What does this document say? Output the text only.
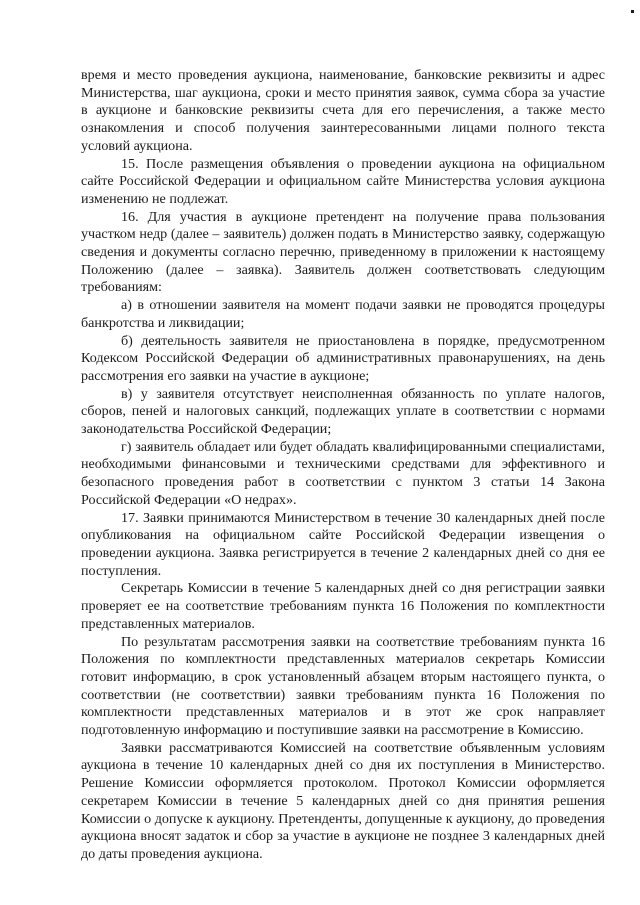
время и место проведения аукциона, наименование, банковские реквизиты и адрес Министерства, шаг аукциона, сроки и место принятия заявок, сумма сбора за участие в аукционе и банковские реквизиты счета для его перечисления, а также место ознакомления и способ получения заинтересованными лицами полного текста условий аукциона.

15. После размещения объявления о проведении аукциона на официальном сайте Российской Федерации и официальном сайте Министерства условия аукциона изменению не подлежат.

16. Для участия в аукционе претендент на получение права пользования участком недр (далее – заявитель) должен подать в Министерство заявку, содержащую сведения и документы согласно перечню, приведенному в приложении к настоящему Положению (далее – заявка). Заявитель должен соответствовать следующим требованиям:

а) в отношении заявителя на момент подачи заявки не проводятся процедуры банкротства и ликвидации;

б) деятельность заявителя не приостановлена в порядке, предусмотренном Кодексом Российской Федерации об административных правонарушениях, на день рассмотрения его заявки на участие в аукционе;

в) у заявителя отсутствует неисполненная обязанность по уплате налогов, сборов, пеней и налоговых санкций, подлежащих уплате в соответствии с нормами законодательства Российской Федерации;

г) заявитель обладает или будет обладать квалифицированными специалистами, необходимыми финансовыми и техническими средствами для эффективного и безопасного проведения работ в соответствии с пунктом 3 статьи 14 Закона Российской Федерации «О недрах».

17. Заявки принимаются Министерством в течение 30 календарных дней после опубликования на официальном сайте Российской Федерации извещения о проведении аукциона. Заявка регистрируется в течение 2 календарных дней со дня ее поступления.

Секретарь Комиссии в течение 5 календарных дней со дня регистрации заявки проверяет ее на соответствие требованиям пункта 16 Положения по комплектности представленных материалов.

По результатам рассмотрения заявки на соответствие требованиям пункта 16 Положения по комплектности представленных материалов секретарь Комиссии готовит информацию, в срок установленный абзацем вторым настоящего пункта, о соответствии (не соответствии) заявки требованиям пункта 16 Положения по комплектности представленных материалов и в этот же срок направляет подготовленную информацию и поступившие заявки на рассмотрение в Комиссию.

Заявки рассматриваются Комиссией на соответствие объявленным условиям аукциона в течение 10 календарных дней со дня их поступления в Министерство. Решение Комиссии оформляется протоколом. Протокол Комиссии оформляется секретарем Комиссии в течение 5 календарных дней со дня принятия решения Комиссии о допуске к аукциону. Претенденты, допущенные к аукциону, до проведения аукциона вносят задаток и сбор за участие в аукционе не позднее 3 календарных дней до даты проведения аукциона.
